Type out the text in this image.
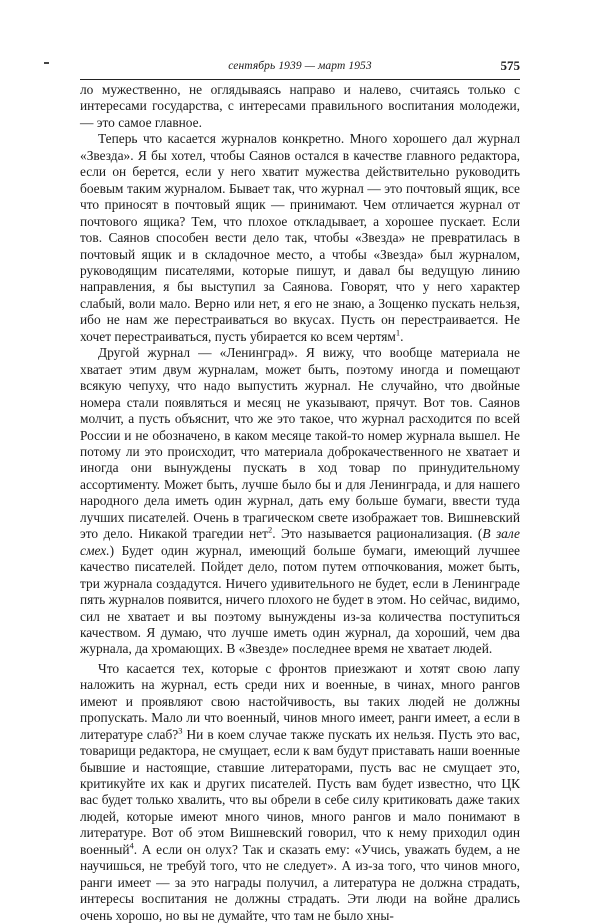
сентябрь 1939 — март 1953	575

ло мужественно, не оглядываясь направо и налево, считаясь только с интересами государства, с интересами правильного воспитания молодежи, — это самое главное.

Теперь что касается журналов конкретно. Много хорошего дал журнал «Звезда». Я бы хотел, чтобы Саянов остался в качестве главного редактора, если он берется, если у него хватит мужества действительно руководить боевым таким журналом. Бывает так, что журнал — это почтовый ящик, все что приносят в почтовый ящик — принимают. Чем отличается журнал от почтового ящика? Тем, что плохое откладывает, а хорошее пускает. Если тов. Саянов способен вести дело так, чтобы «Звезда» не превратилась в почтовый ящик и в складочное место, а чтобы «Звезда» был журналом, руководящим писателями, которые пишут, и давал бы ведущую линию направления, я бы выступил за Саянова. Говорят, что у него характер слабый, воли мало. Верно или нет, я его не знаю, а Зощенко пускать нельзя, ибо не нам же перестраиваться во вкусах. Пусть он перестраивается. Не хочет перестраиваться, пусть убирается ко всем чертям$^1$.

Другой журнал — «Ленинград». Я вижу, что вообще материала не хватает этим двум журналам, может быть, поэтому иногда и помещают всякую чепуху, что надо выпустить журнал. Не случайно, что двойные номера стали появляться и месяц не указывают, прячут. Вот тов. Саянов молчит, а пусть объяснит, что же это такое, что журнал расходится по всей России и не обозначено, в каком месяце такой-то номер журнала вышел. Не потому ли это происходит, что материала доброкачественного не хватает и иногда они вынуждены пускать в ход товар по принудительному ассортименту. Может быть, лучше было бы и для Ленинграда, и для нашего народного дела иметь один журнал, дать ему больше бумаги, ввести туда лучших писателей. Очень в трагическом свете изображает тов. Вишневский это дело. Никакой трагедии нет$^2$. Это называется рационализация. (В зале смех.) Будет один журнал, имеющий больше бумаги, имеющий лучшее качество писателей. Пойдет дело, потом путем отпочкования, может быть, три журнала создадутся. Ничего удивительного не будет, если в Ленинграде пять журналов появится, ничего плохого не будет в этом. Но сейчас, видимо, сил не хватает и вы поэтому вынуждены из-за количества поступиться качеством. Я думаю, что лучше иметь один журнал, да хороший, чем два журнала, да хромающих. В «Звезде» последнее время не хватает людей.

Что касается тех, которые с фронтов приезжают и хотят свою лапу наложить на журнал, есть среди них и военные, в чинах, много рангов имеют и проявляют свою настойчивость, вы таких людей не должны пропускать. Мало ли что военный, чинов много имеет, ранги имеет, а если в литературе слаб?$^3$ Ни в коем случае также пускать их нельзя. Пусть это вас, товарищи редактора, не смущает, если к вам будут приставать наши военные бывшие и настоящие, ставшие литераторами, пусть вас не смущает это, критикуйте их как и других писателей. Пусть вам будет известно, что ЦК вас будет только хвалить, что вы обрели в себе силу критиковать даже таких людей, которые имеют много чинов, много рангов и мало понимают в литературе. Вот об этом Вишневский говорил, что к нему приходил один военный$^4$. А если он олух? Так и сказать ему: «Учись, уважать будем, а не научишься, не требуй того, что не следует». А из-за того, что чинов много, ранги имеет — за это награды получил, а литература не должна страдать, интересы воспитания не должны страдать. Эти люди на войне дрались очень хорошо, но вы не думайте, что там не было хны-
